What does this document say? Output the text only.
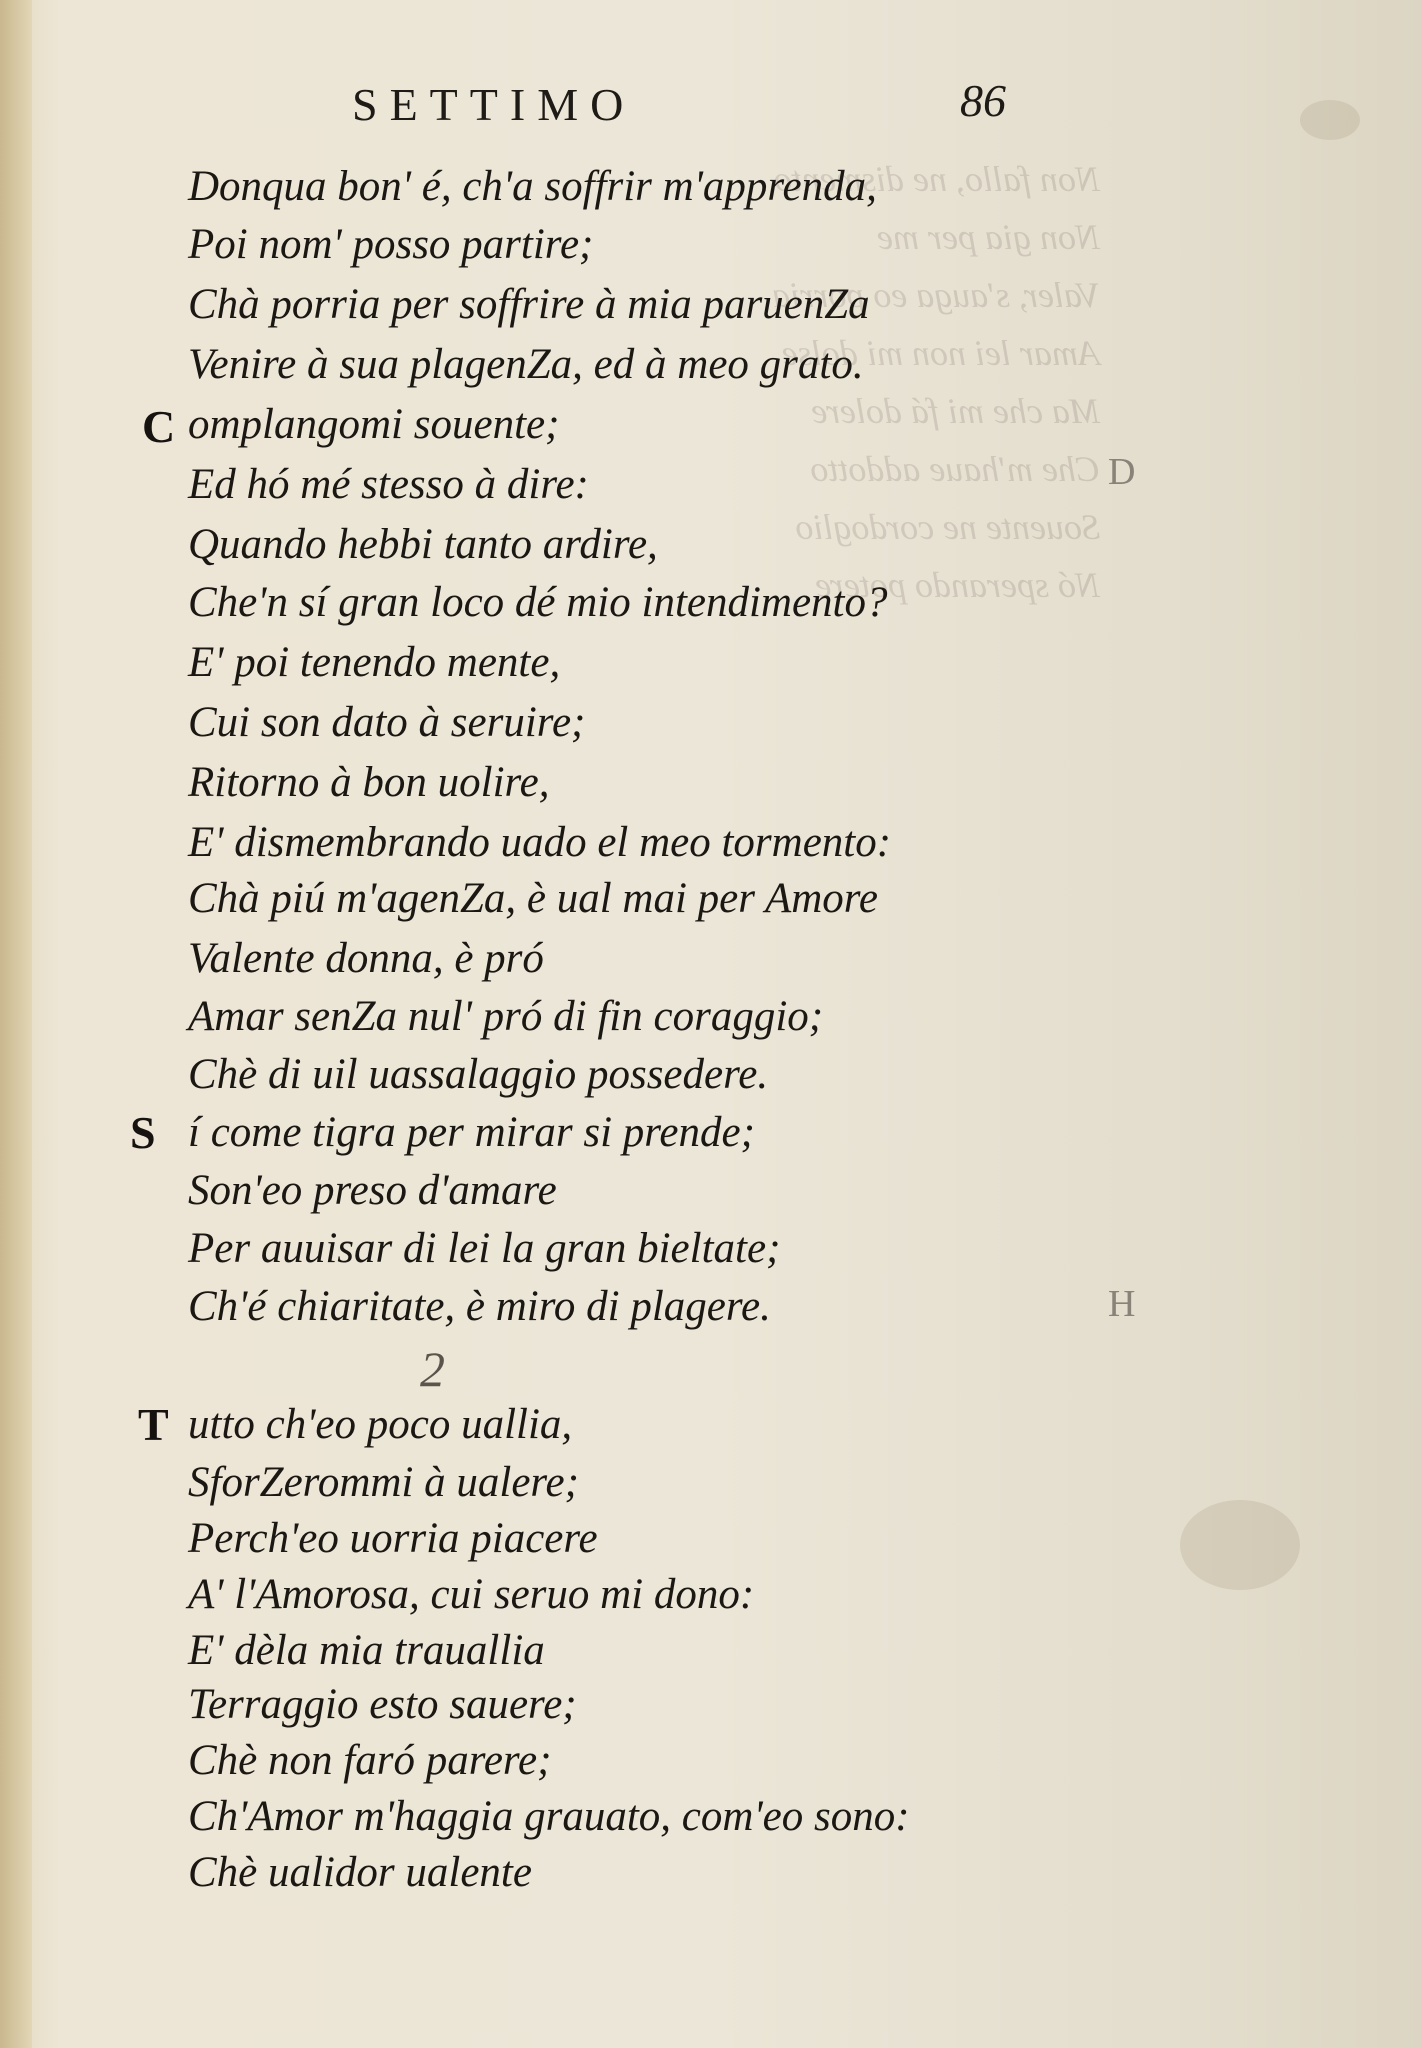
Non fallo, ne dismento
Non gia per me
Valer, s'auga eo porria
Amar lei non mi dolse
Ma che mi fá dolere
Che m'haue addotto
Souente ne cordoglio
Nó sperando potere
SETTIMO	86
C
S
T
2
D
H
Donqua bon' é, ch'a soffrir m'apprenda,
Poi nom' posso partire;
Chà porria per soffrire à mia paruenZa
Venire à sua plagenZa, ed à meo grato.
omplangomi souente;
Ed hó mé stesso à dire:
Quando hebbi tanto ardire,
Che'n sí gran loco dé mio intendimento?
E' poi tenendo mente,
Cui son dato à seruire;
Ritorno à bon uolire,
E' dismembrando uado el meo tormento:
Chà piú m'agenZa, è ual mai per Amore
Valente donna, è pró
Amar senZa nul' pró di fin coraggio;
Chè di uil uassalaggio possedere.
í come tigra per mirar si prende;
Son'eo preso d'amare
Per auuisar di lei la gran bieltate;
Ch'é chiaritate, è miro di plagere.
utto ch'eo poco uallia,
SforZerommi à ualere;
Perch'eo uorria piacere
A' l'Amorosa, cui seruo mi dono:
E' dèla mia trauallia
Terraggio esto sauere;
Chè non faró parere;
Ch'Amor m'haggia grauato, com'eo sono:
Chè ualidor ualente
